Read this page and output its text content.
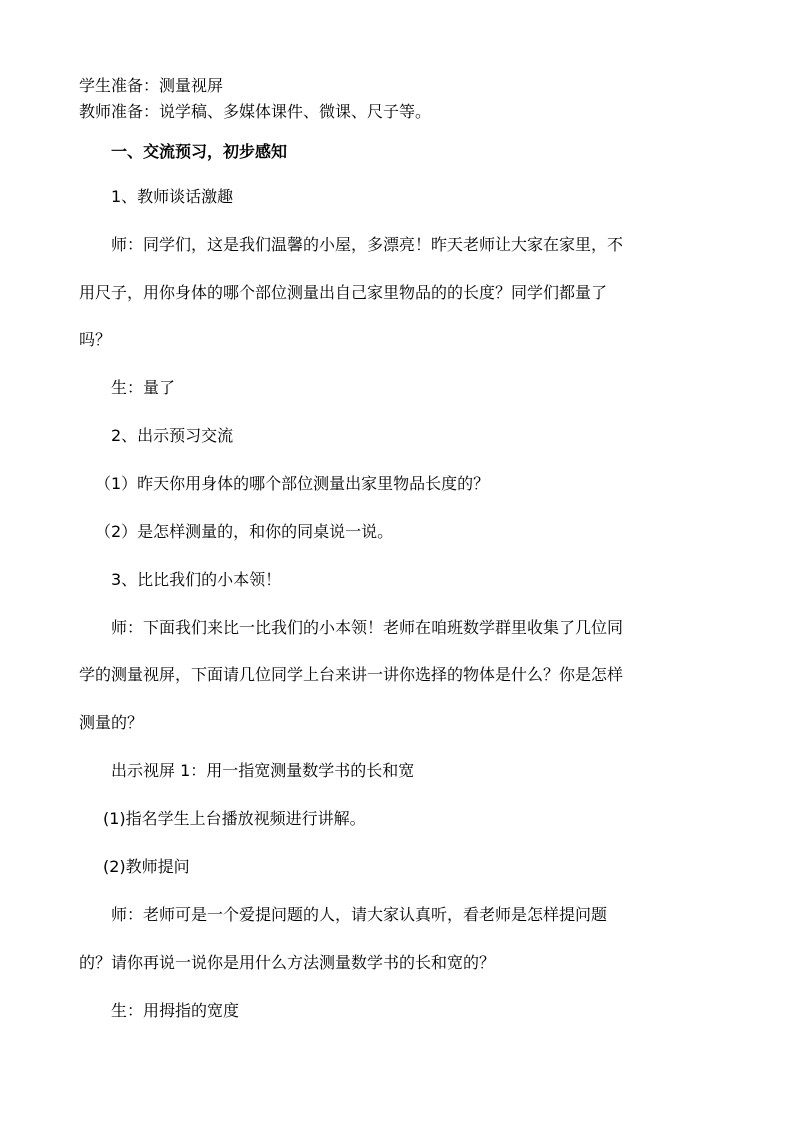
学生准备：测量视屏
教师准备：说学稿、多媒体课件、微课、尺子等。
一、交流预习，初步感知
1、教师谈话激趣
师：同学们，这是我们温馨的小屋，多漂亮！昨天老师让大家在家里，不
用尺子，用你身体的哪个部位测量出自己家里物品的的长度？同学们都量了
吗？
生：量了
2、出示预习交流
（1）昨天你用身体的哪个部位测量出家里物品长度的？
（2）是怎样测量的，和你的同桌说一说。
3、比比我们的小本领！
师：下面我们来比一比我们的小本领！老师在咱班数学群里收集了几位同
学的测量视屏，下面请几位同学上台来讲一讲你选择的物体是什么？你是怎样
测量的？
出示视屏 1：用一指宽测量数学书的长和宽
(1)指名学生上台播放视频进行讲解。
(2)教师提问
师：老师可是一个爱提问题的人，请大家认真听，看老师是怎样提问题
的？请你再说一说你是用什么方法测量数学书的长和宽的？
生：用拇指的宽度
